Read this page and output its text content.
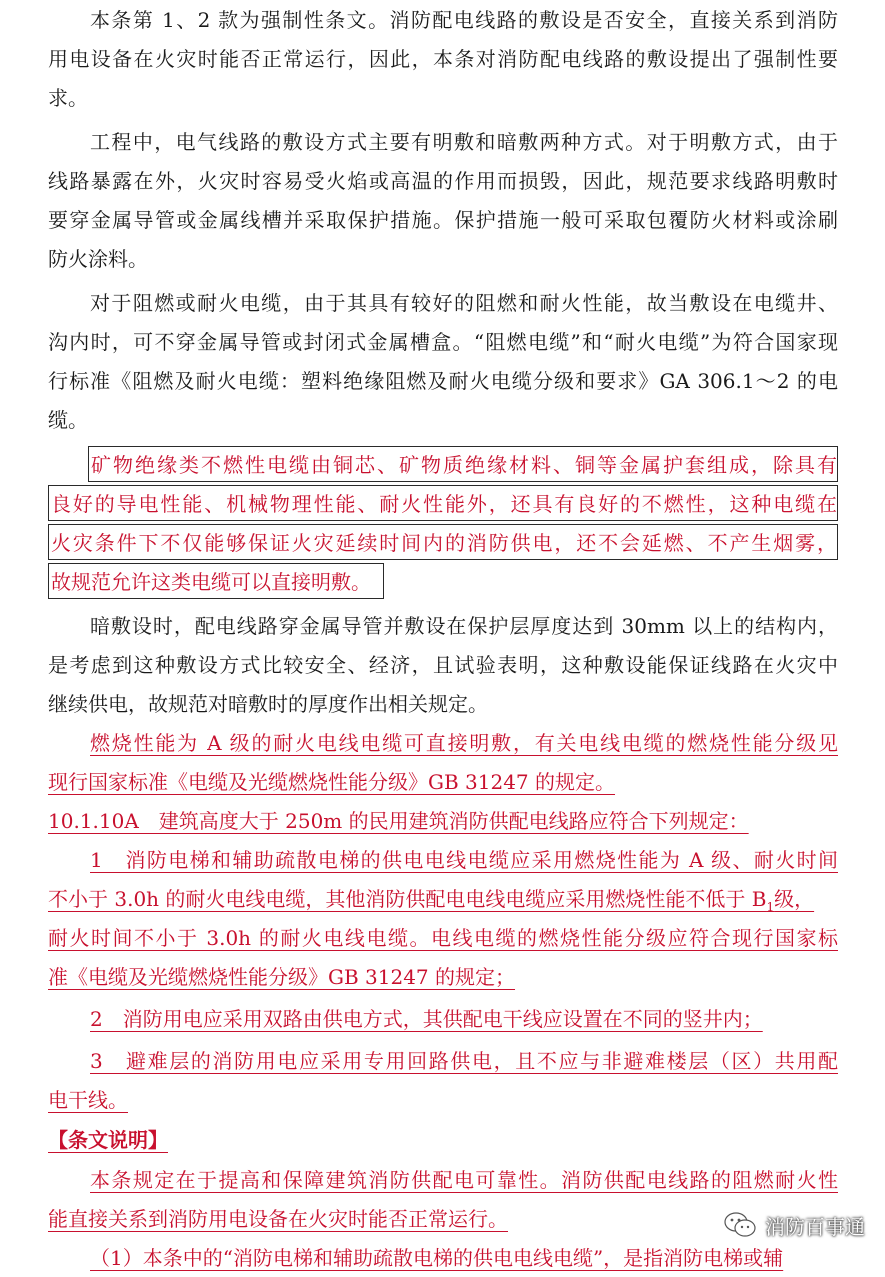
本条第 1、2 款为强制性条文。消防配电线路的敷设是否安全，直接关系到消防
用电设备在火灾时能否正常运行，因此，本条对消防配电线路的敷设提出了强制性要
求。
工程中，电气线路的敷设方式主要有明敷和暗敷两种方式。对于明敷方式，由于
线路暴露在外，火灾时容易受火焰或高温的作用而损毁，因此，规范要求线路明敷时
要穿金属导管或金属线槽并采取保护措施。保护措施一般可采取包覆防火材料或涂刷
防火涂料。
对于阻燃或耐火电缆，由于其具有较好的阻燃和耐火性能，故当敷设在电缆井、
沟内时，可不穿金属导管或封闭式金属槽盒。“阻燃电缆”和“耐火电缆”为符合国家现
行标准《阻燃及耐火电缆：塑料绝缘阻燃及耐火电缆分级和要求》GA 306.1～2 的电
缆。
矿物绝缘类不燃性电缆由铜芯、矿物质绝缘材料、铜等金属护套组成，除具有
良好的导电性能、机械物理性能、耐火性能外，还具有良好的不燃性，这种电缆在
火灾条件下不仅能够保证火灾延续时间内的消防供电，还不会延燃、不产生烟雾，
故规范允许这类电缆可以直接明敷。
暗敷设时，配电线路穿金属导管并敷设在保护层厚度达到 30mm 以上的结构内，
是考虑到这种敷设方式比较安全、经济，且试验表明，这种敷设能保证线路在火灾中
继续供电，故规范对暗敷时的厚度作出相关规定。
燃烧性能为 A 级的耐火电线电缆可直接明敷，有关电线电缆的燃烧性能分级见
现行国家标准《电缆及光缆燃烧性能分级》GB 31247 的规定。
10.1.10A　建筑高度大于 250m 的民用建筑消防供配电线路应符合下列规定：
1　消防电梯和辅助疏散电梯的供电电线电缆应采用燃烧性能为 A 级、耐火时间
不小于 3.0h 的耐火电线电缆，其他消防供配电电线电缆应采用燃烧性能不低于 $B_1$级，
耐火时间不小于 3.0h 的耐火电线电缆。电线电缆的燃烧性能分级应符合现行国家标
准《电缆及光缆燃烧性能分级》GB 31247 的规定；
2　消防用电应采用双路由供电方式，其供配电干线应设置在不同的竖井内；
3　避难层的消防用电应采用专用回路供电，且不应与非避难楼层（区）共用配
电干线。
【条文说明】
本条规定在于提高和保障建筑消防供配电可靠性。消防供配电线路的阻燃耐火性
能直接关系到消防用电设备在火灾时能否正常运行。
（1）本条中的“消防电梯和辅助疏散电梯的供电电线电缆”，是指消防电梯或辅
消防百事通
